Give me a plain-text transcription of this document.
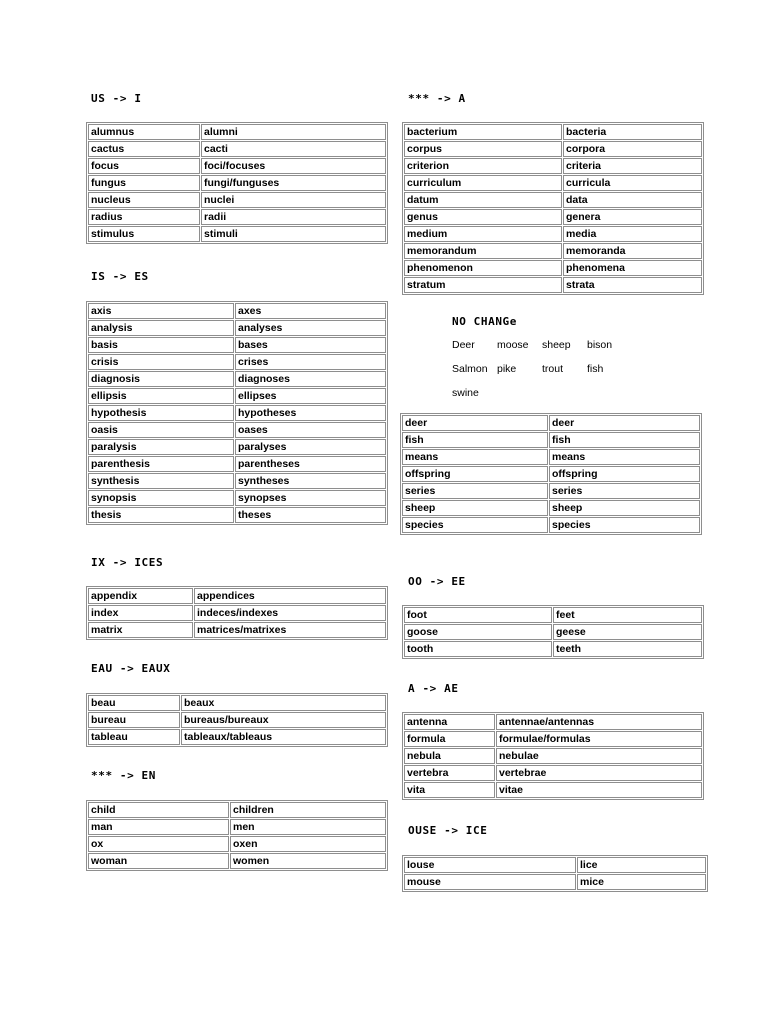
US -> I
alumnus	alumni
cactus	cacti
focus	foci/focuses
fungus	fungi/funguses
nucleus	nuclei
radius	radii
stimulus	stimuli
IS -> ES
axis	axes
analysis	analyses
basis	bases
crisis	crises
diagnosis	diagnoses
ellipsis	ellipses
hypothesis	hypotheses
oasis	oases
paralysis	paralyses
parenthesis	parentheses
synthesis	syntheses
synopsis	synopses
thesis	theses
IX -> ICES
appendix	appendices
index	indeces/indexes
matrix	matrices/matrixes
EAU -> EAUX
beau	beaux
bureau	bureaus/bureaux
tableau	tableaux/tableaus
*** -> EN
child	children
man	men
ox	oxen
woman	women
*** -> A
bacterium	bacteria
corpus	corpora
criterion	criteria
curriculum	curricula
datum	data
genus	genera
medium	media
memorandum	memoranda
phenomenon	phenomena
stratum	strata
NO CHANGe
Deer moose sheep bison
Salmon pike trout fish
swine
deer	deer
fish	fish
means	means
offspring	offspring
series	series
sheep	sheep
species	species
OO -> EE
foot	feet
goose	geese
tooth	teeth
A -> AE
antenna	antennae/antennas
formula	formulae/formulas
nebula	nebulae
vertebra	vertebrae
vita	vitae
OUSE -> ICE
louse	lice
mouse	mice
